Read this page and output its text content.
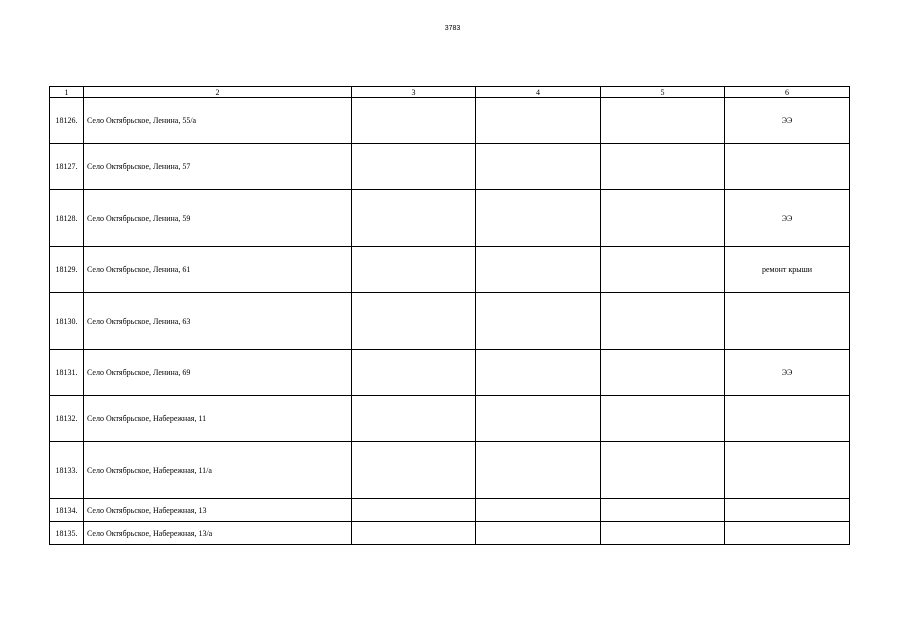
3783
1	2	3	4	5	6
18126.	Село Октябрьское, Ленина, 55/а				ЭЭ
18127.	Село Октябрьское, Ленина, 57				
18128.	Село Октябрьское, Ленина, 59				ЭЭ
18129.	Село Октябрьское, Ленина, 61				ремонт крыши
18130.	Село Октябрьское, Ленина, 63				
18131.	Село Октябрьское, Ленина, 69				ЭЭ
18132.	Село Октябрьское, Набережная, 11				
18133.	Село Октябрьское, Набережная, 11/а				
18134.	Село Октябрьское, Набережная, 13				
18135.	Село Октябрьское, Набережная, 13/а				
